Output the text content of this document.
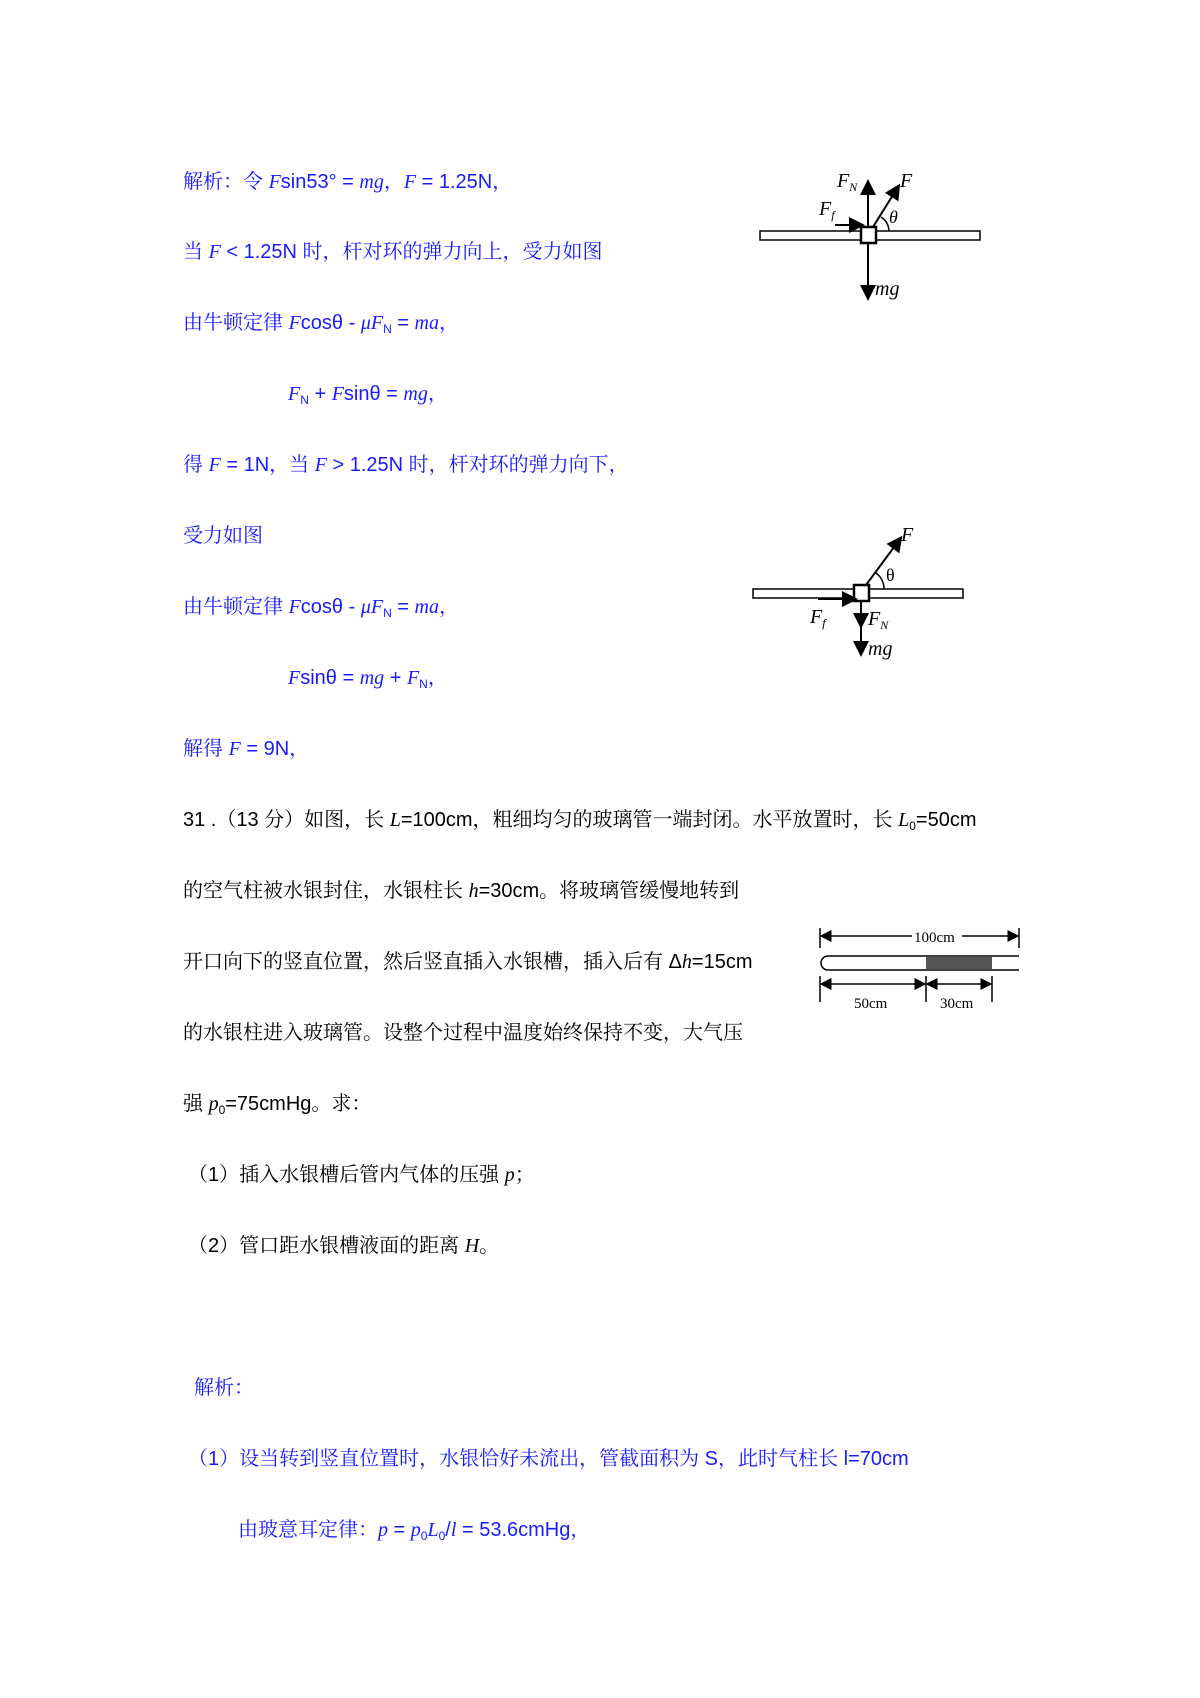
解析：令 Fsin53° = mg，F = 1.25N，
当 F < 1.25N 时，杆对环的弹力向上，受力如图
由牛顿定律 Fcosθ - $\mu F_N$ = ma，
$F_N + Fsin\theta$ = mg，
得 F = 1N，当 F > 1.25N 时，杆对环的弹力向下，
受力如图
由牛顿定律 Fcosθ - $\mu F_N$ = ma，
Fsinθ = mg + $F_N$，
解得 F = 9N，
$F_N$ F
$F_f$	θ
mg
F
θ
$F_f$ $F_N$
mg
31 .（13 分）如图，长 L=100cm，粗细均匀的玻璃管一端封闭。水平放置时，长 $L_0=50cm$
的空气柱被水银封住，水银柱长 h=30cm。将玻璃管缓慢地转到
开口向下的竖直位置，然后竖直插入水银槽，插入后有 Δh=15cm
的水银柱进入玻璃管。设整个过程中温度始终保持不变，大气压
强 $p_0=75cmHg$。求：
（1）插入水银槽后管内气体的压强 p；
（2）管口距水银槽液面的距离 H。
100cm
50cm	30cm
解析：
（1）设当转到竖直位置时，水银恰好未流出，管截面积为 S，此时气柱长 l=70cm
由玻意耳定律：$p = p_0L_0/l$ = 53.6cmHg，
